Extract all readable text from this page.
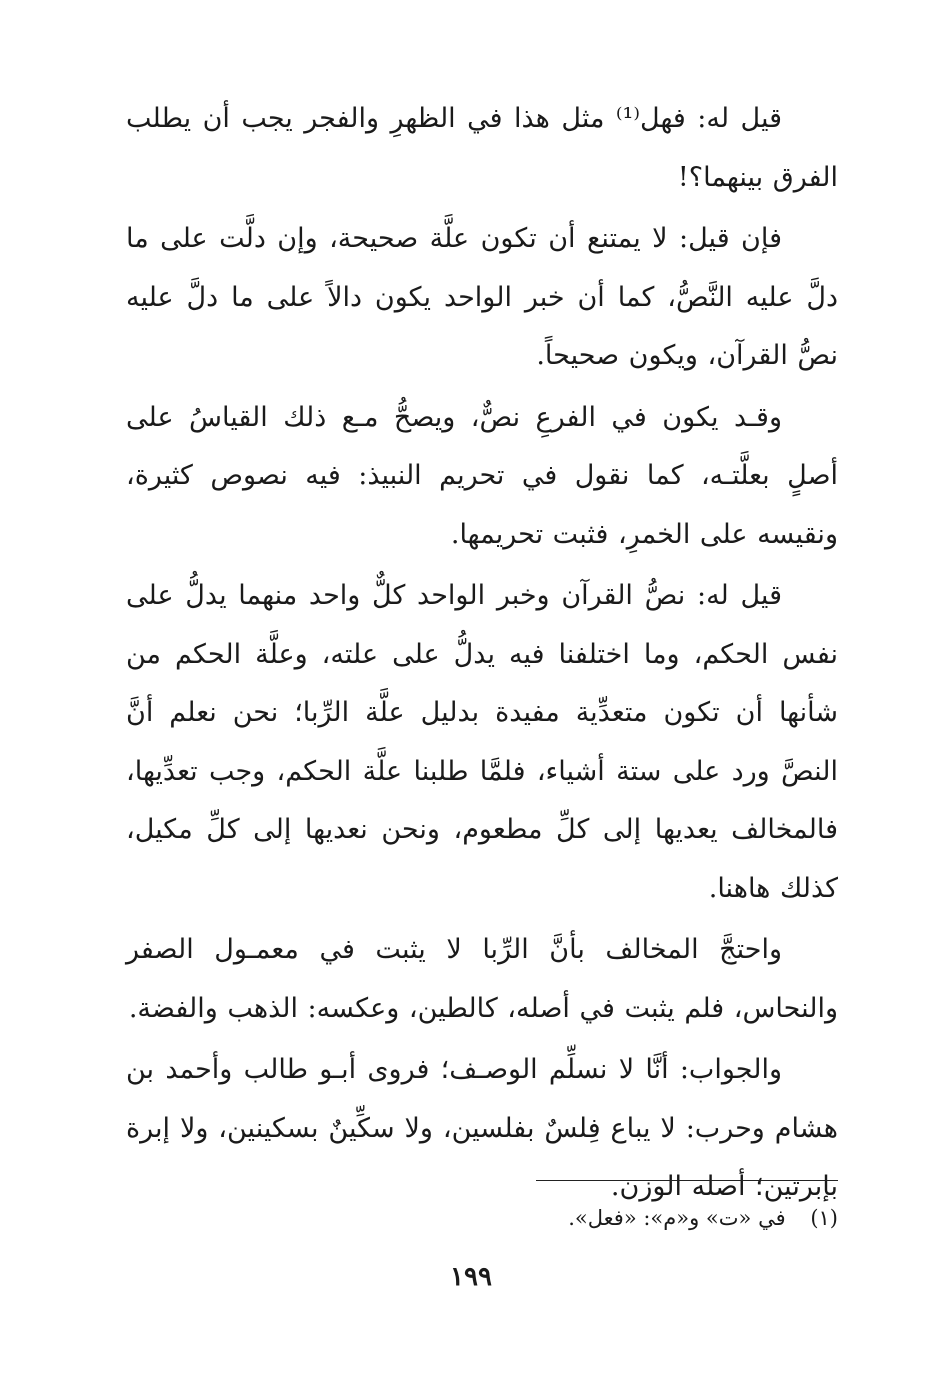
قيل له: فهل⁽¹⁾ مثل هذا في الظهرِ والفجر يجب أن يطلب الفرق بينهما؟!

فإن قيل: لا يمتنع أن تكون علَّة صحيحة، وإن دلَّت على ما دلَّ عليه النَّصُّ، كما أن خبر الواحد يكون دالاً على ما دلَّ عليه نصُّ القرآن، ويكون صحيحاً.

وقـد يكون في الفرعِ نصٌّ، ويصحُّ مـع ذلك القياسُ على أصلٍ بعلَّتـه، كما نقول في تحريم النبيذ: فيه نصوص كثيرة، ونقيسه على الخمرِ، فثبت تحريمها.

قيل له: نصُّ القرآن وخبر الواحد كلٌّ واحد منهما يدلُّ على نفس الحكم، وما اختلفنا فيه يدلُّ على علته، وعلَّة الحكم من شأنها أن تكون متعدِّية مفيدة بدليل علَّة الرِّبا؛ نحن نعلم أنَّ النصَّ ورد على ستة أشياء، فلمَّا طلبنا علَّة الحكم، وجب تعدِّيها، فالمخالف يعديها إلى كلِّ مطعوم، ونحن نعديها إلى كلِّ مكيل، كذلك هاهنا.

واحتجَّ المخالف بأنَّ الرِّبا لا يثبت في معمـول الصفر والنحاس، فلم يثبت في أصله، كالطين، وعكسه: الذهب والفضة.

والجواب: أنَّا لا نسلِّم الوصـف؛ فروى أبـو طالب وأحمد بن هشام وحرب: لا يباع فِلسٌ بفلسين، ولا سكِّينٌ بسكينين، ولا إبرة بإبرتين؛ أصله الوزن.

(١) في «ت» و«م»: «فعل».
١٩٩
